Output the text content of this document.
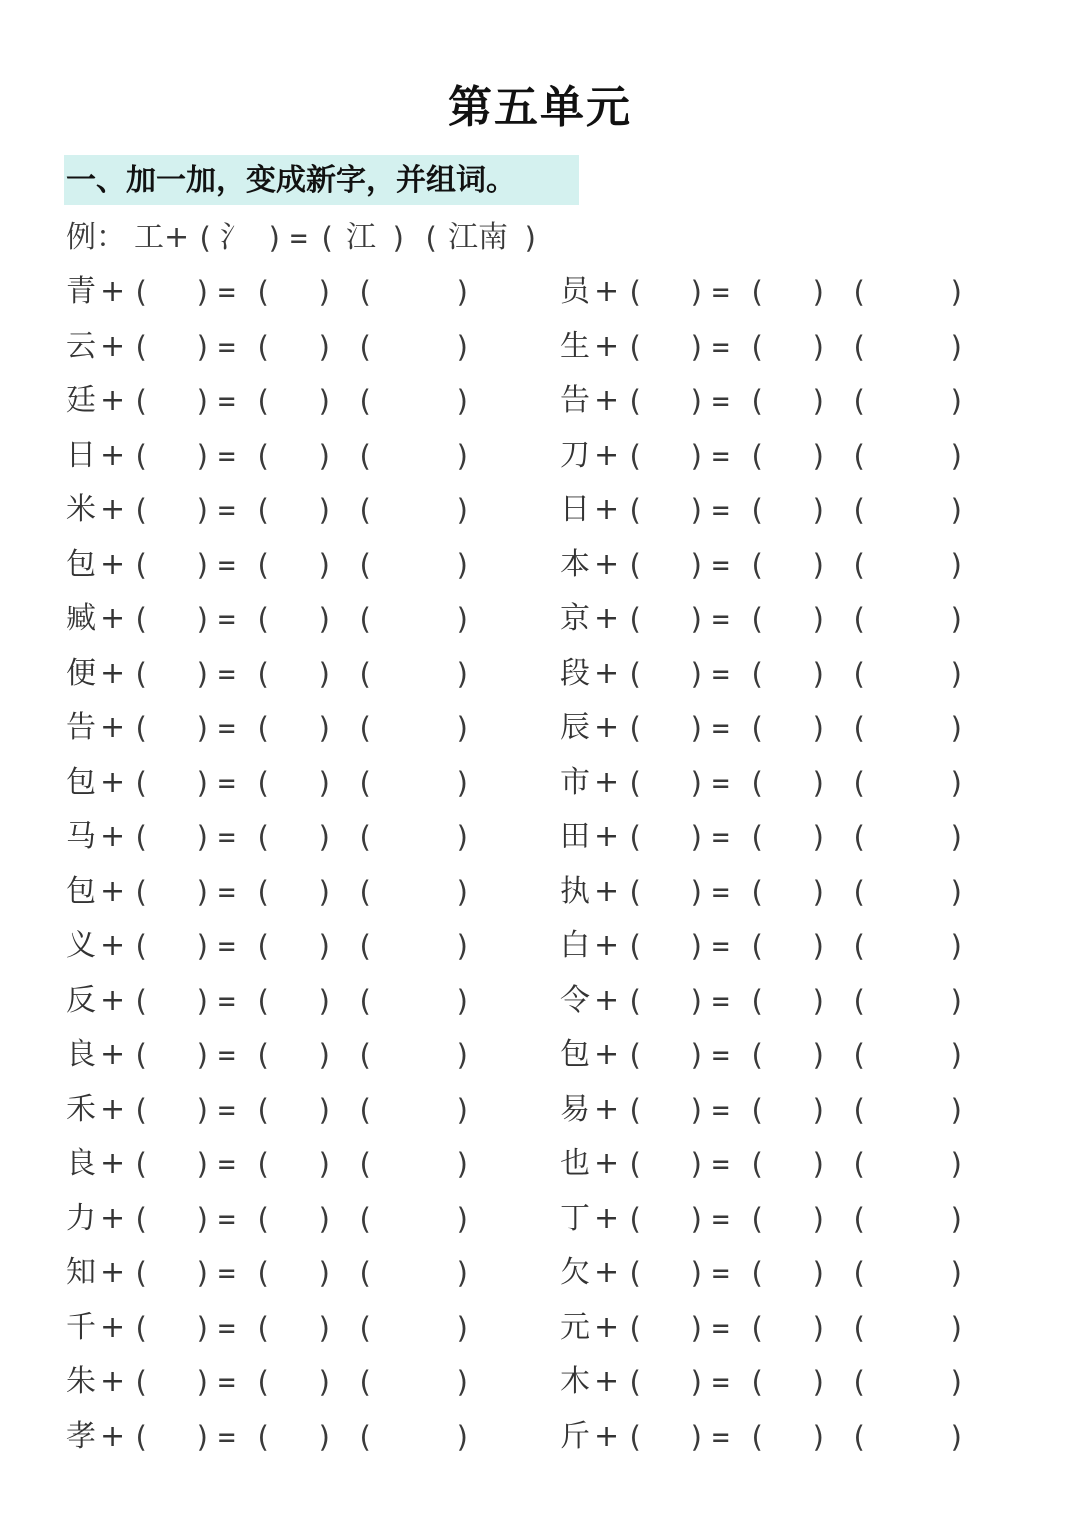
第五单元
一、加一加，变成新字，并组词。
例： 工+ ( 氵 ) = ( 江 ) ( 江南 )
青 + ( ) = ( ) (	)
云 + ( ) = ( ) (	)
廷 + ( ) = ( ) (	)
日 + ( ) = ( ) (	)
米 + ( ) = ( ) (	)
包 + ( ) = ( ) (	)
臧 + ( ) = ( ) (	)
便 + ( ) = ( ) (	)
告 + ( ) = ( ) (	)
包 + ( ) = ( ) (	)
马 + ( ) = ( ) (	)
包 + ( ) = ( ) (	)
义 + ( ) = ( ) (	)
反 + ( ) = ( ) (	)
良 + ( ) = ( ) (	)
禾 + ( ) = ( ) (	)
良 + ( ) = ( ) (	)
力 + ( ) = ( ) (	)
知 + ( ) = ( ) (	)
千 + ( ) = ( ) (	)
朱 + ( ) = ( ) (	)
孝 + ( ) = ( ) (	)
员 + ( ) = ( ) (	)
生 + ( ) = ( ) (	)
告 + ( ) = ( ) (	)
刀 + ( ) = ( ) (	)
日 + ( ) = ( ) (	)
本 + ( ) = ( ) (	)
京 + ( ) = ( ) (	)
段 + ( ) = ( ) (	)
辰 + ( ) = ( ) (	)
市 + ( ) = ( ) (	)
田 + ( ) = ( ) (	)
执 + ( ) = ( ) (	)
白 + ( ) = ( ) (	)
令 + ( ) = ( ) (	)
包 + ( ) = ( ) (	)
易 + ( ) = ( ) (	)
也 + ( ) = ( ) (	)
丁 + ( ) = ( ) (	)
欠 + ( ) = ( ) (	)
元 + ( ) = ( ) (	)
木 + ( ) = ( ) (	)
斤 + ( ) = ( ) (	)
